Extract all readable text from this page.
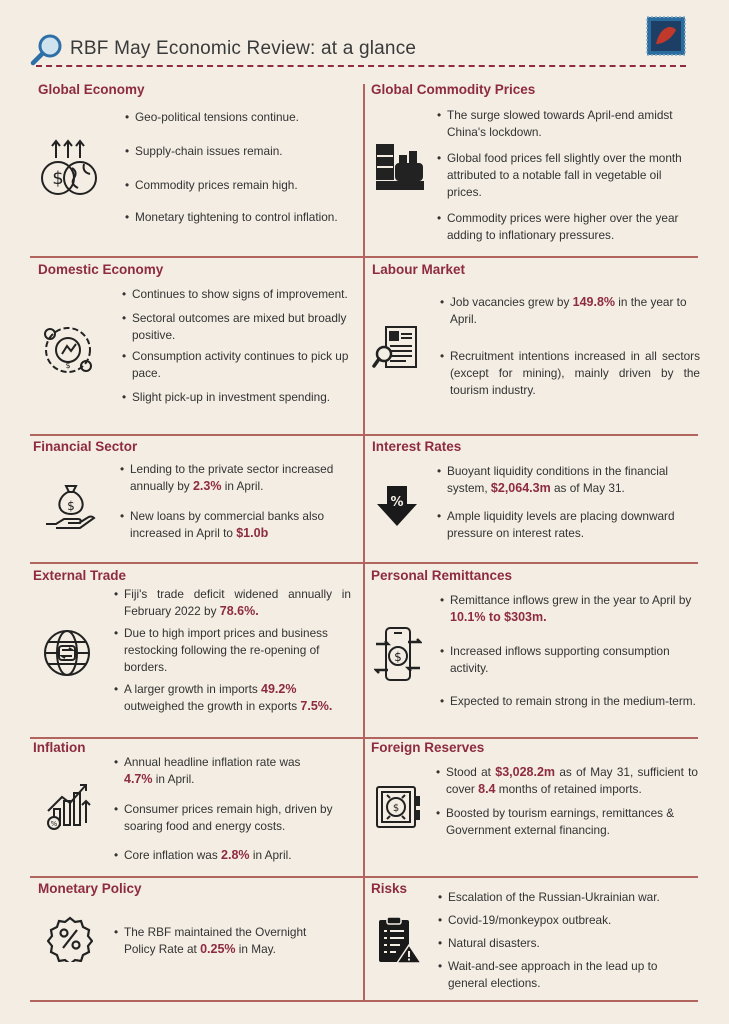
RBF May Economic Review: at a glance
Global Economy
$
• Geo-political tensions continue.
• Supply-chain issues remain.
• Commodity prices remain high.
• Monetary tightening to control inflation.
Global Commodity Prices
• The surge slowed towards April-end amidst China's lockdown.
• Global food prices fell slightly over the month attributed to a notable fall in vegetable oil prices.
• Commodity prices were higher over the year adding to inflationary pressures.
Domestic Economy
$
• Continues to show signs of improvement.
• Sectoral outcomes are mixed but broadly positive.
• Consumption activity continues to pick up pace.
• Slight pick-up in investment spending.
Labour Market
• Job vacancies grew by 149.8% in the year to April.
• Recruitment intentions increased in all sectors (except for mining), mainly driven by the tourism industry.
Financial Sector
$
• Lending to the private sector increased annually by 2.3% in April.
• New loans by commercial banks also increased in April to $1.0b
Interest Rates
%
• Buoyant liquidity conditions in the financial system, $2,064.3m as of May 31.
• Ample liquidity levels are placing downward pressure on interest rates.
External Trade
• Fiji's trade deficit widened annually in February 2022 by 78.6%.
• Due to high import prices and business restocking following the re-opening of borders.
• A larger growth in imports 49.2% outweighed the growth in exports 7.5%.
Personal Remittances
$
• Remittance inflows grew in the year to April by 10.1% to $303m.
• Increased inflows supporting consumption activity.
• Expected to remain strong in the medium-term.
Inflation
%
• Annual headline inflation rate was
4.7% in April.
• Consumer prices remain high, driven by soaring food and energy costs.
• Core inflation was 2.8% in April.
Foreign Reserves
$
• Stood at $3,028.2m as of May 31, sufficient to cover 8.4 months of retained imports.
• Boosted by tourism earnings, remittances & Government external financing.
Monetary Policy
• The RBF maintained the Overnight Policy Rate at 0.25% in May.
Risks
• Escalation of the Russian-Ukrainian war.
• Covid-19/monkeypox outbreak.
• Natural disasters.
• Wait-and-see approach in the lead up to general elections.
